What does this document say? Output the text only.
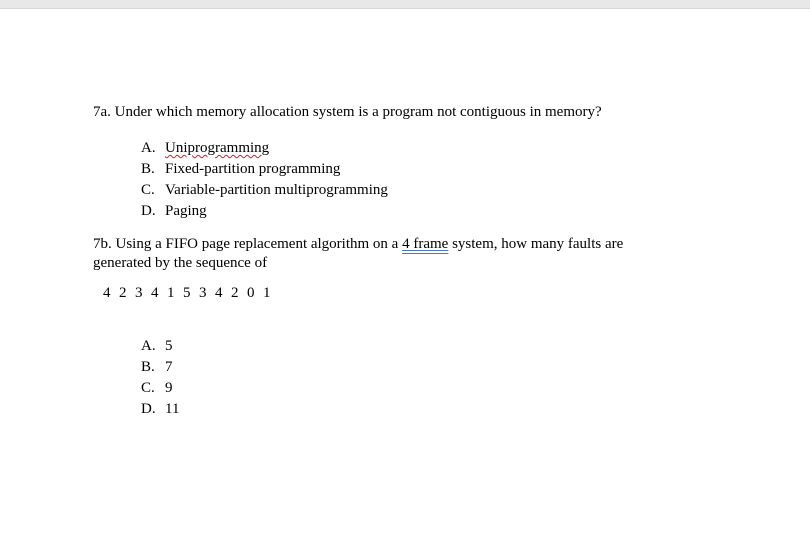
7a. Under which memory allocation system is a program not contiguous in memory?
A. Uniprogramming
B. Fixed-partition programming
C. Variable-partition multiprogramming
D. Paging
7b. Using a FIFO page replacement algorithm on a 4 frame system, how many faults are generated by the sequence of
4 2 3 4 1 5 3 4 2 0 1
A. 5
B. 7
C. 9
D. 11
